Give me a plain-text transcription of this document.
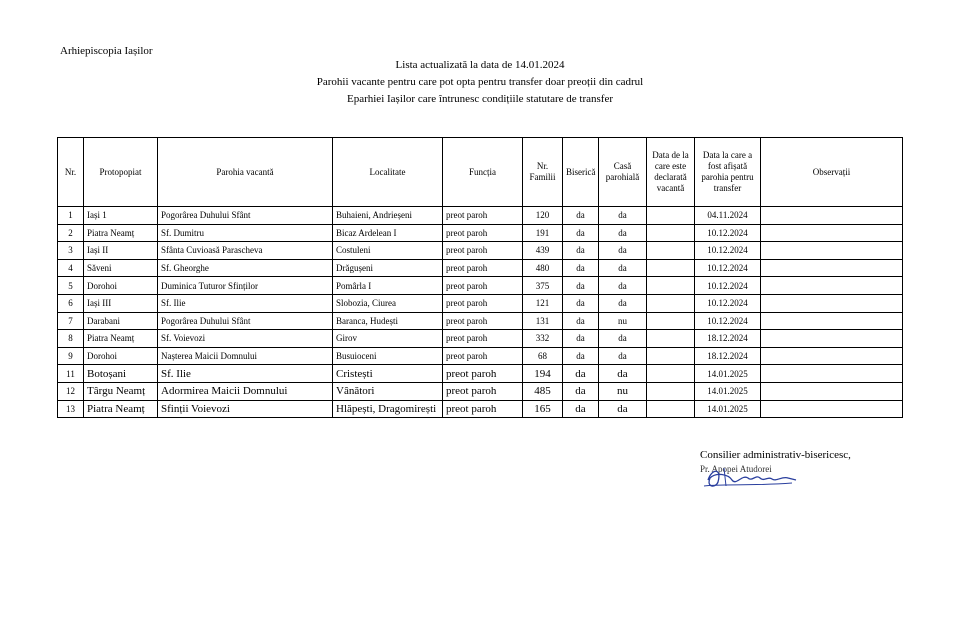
Arhiepiscopia Iașilor
Lista actualizată la data de 14.01.2024
Parohii vacante pentru care pot opta pentru transfer doar preoții din cadrul
Eparhiei Iașilor care întrunesc condițiile statutare de transfer
Nr.	Protopopiat	Parohia vacantă	Localitate	Funcția	Nr. Familii	Biserică	Casă parohială	Data de la care este declarată vacantă	Data la care a fost afișată parohia pentru transfer	Observații
1	Iași 1	Pogorârea Duhului Sfânt	Buhaieni, Andrieșeni	preot paroh	120	da	da		04.11.2024	
2	Piatra Neamț	Sf. Dumitru	Bicaz Ardelean I	preot paroh	191	da	da		10.12.2024	
3	Iași II	Sfânta Cuvioasă Parascheva	Costuleni	preot paroh	439	da	da		10.12.2024	
4	Săveni	Sf. Gheorghe	Drăgușeni	preot paroh	480	da	da		10.12.2024	
5	Dorohoi	Duminica Tuturor Sfinților	Pomârla I	preot paroh	375	da	da		10.12.2024	
6	Iași III	Sf. Ilie	Slobozia, Ciurea	preot paroh	121	da	da		10.12.2024	
7	Darabani	Pogorârea Duhului Sfânt	Baranca, Hudești	preot paroh	131	da	nu		10.12.2024	
8	Piatra Neamț	Sf. Voievozi	Girov	preot paroh	332	da	da		18.12.2024	
9	Dorohoi	Nașterea Maicii Domnului	Busuioceni	preot paroh	68	da	da		18.12.2024	
11	Botoșani	Sf. Ilie	Cristești	preot paroh	194	da	da		14.01.2025	
12	Târgu Neamț	Adormirea Maicii Domnului	Vânători	preot paroh	485	da	nu		14.01.2025	
13	Piatra Neamț	Sfinții Voievozi	Hlăpești, Dragomirești	preot paroh	165	da	da		14.01.2025	
Consilier administrativ-bisericesc,
Pr. Apopei Atudorei
